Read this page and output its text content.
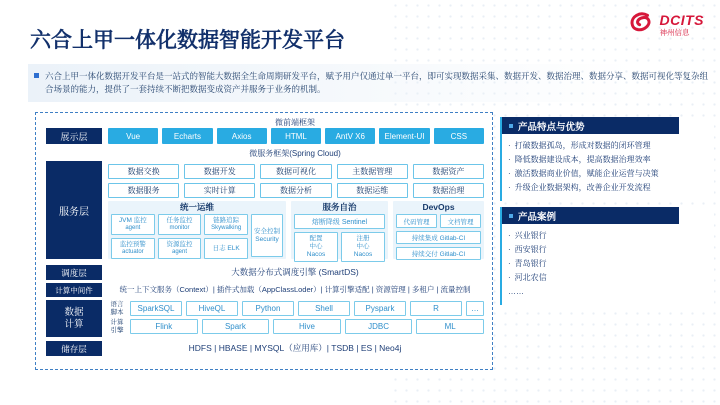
DCITS
神州信息
六合上甲一体化数据智能开发平台
六合上甲一体化数据开发平台是一站式的智能大数据全生命周期研发平台，赋予用户仅通过单一平台，即可实现数据采集、数据开发、数据治理、数据分享、数据可视化等复杂组合场景的能力，提供了一套持续不断把数据变成资产并服务于业务的机制。
微前端框架
展示层	Vue	Echarts	Axios	HTML	AntV X6	Element-UI	CSS
微服务框架(Spring Cloud)
服务层
数据交换	数据开发	数据可视化	主数据管理	数据资产
数据服务	实时计算	数据分析	数据运维	数据治理
统一运维
JVM 监控
agent
任务监控
monitor
链路追踪
Skywalking
监控预警
actuator
资源监控
agent	日志 ELK
安全控制
Security
服务自治
熔断降级 Sentinel
配置
中心
Nacos
注册
中心
Nacos
DevOps
代码管理	文档管理
持续集成 Gitlab-CI
持续交付 Gitlab-CI
调度层	大数据分布式调度引擎 (SmartDS)
计算中间件	统一上下文服务（Context）| 插件式加载（AppClassLoder）| 计算引擎适配 | 资源管理 | 多租户 | 流量控制
数据计算
语言脚本	SparkSQL	HiveQL	Python	Shell	Pyspark	R	…
计算引擎	Flink	Spark	Hive	JDBC	ML
储存层	HDFS | HBASE | MYSQL（应用库）| TSDB | ES | Neo4j
产品特点与优势
· 打破数据孤岛，形成对数据的闭环管理
· 降低数据建设成本，提高数据治理效率
· 激活数据商业价值，赋能企业运营与决策
· 升级企业数据架构，改善企业开发流程
产品案例
· 兴业银行
· 西安银行
· 青岛银行
· 河北农信
……
